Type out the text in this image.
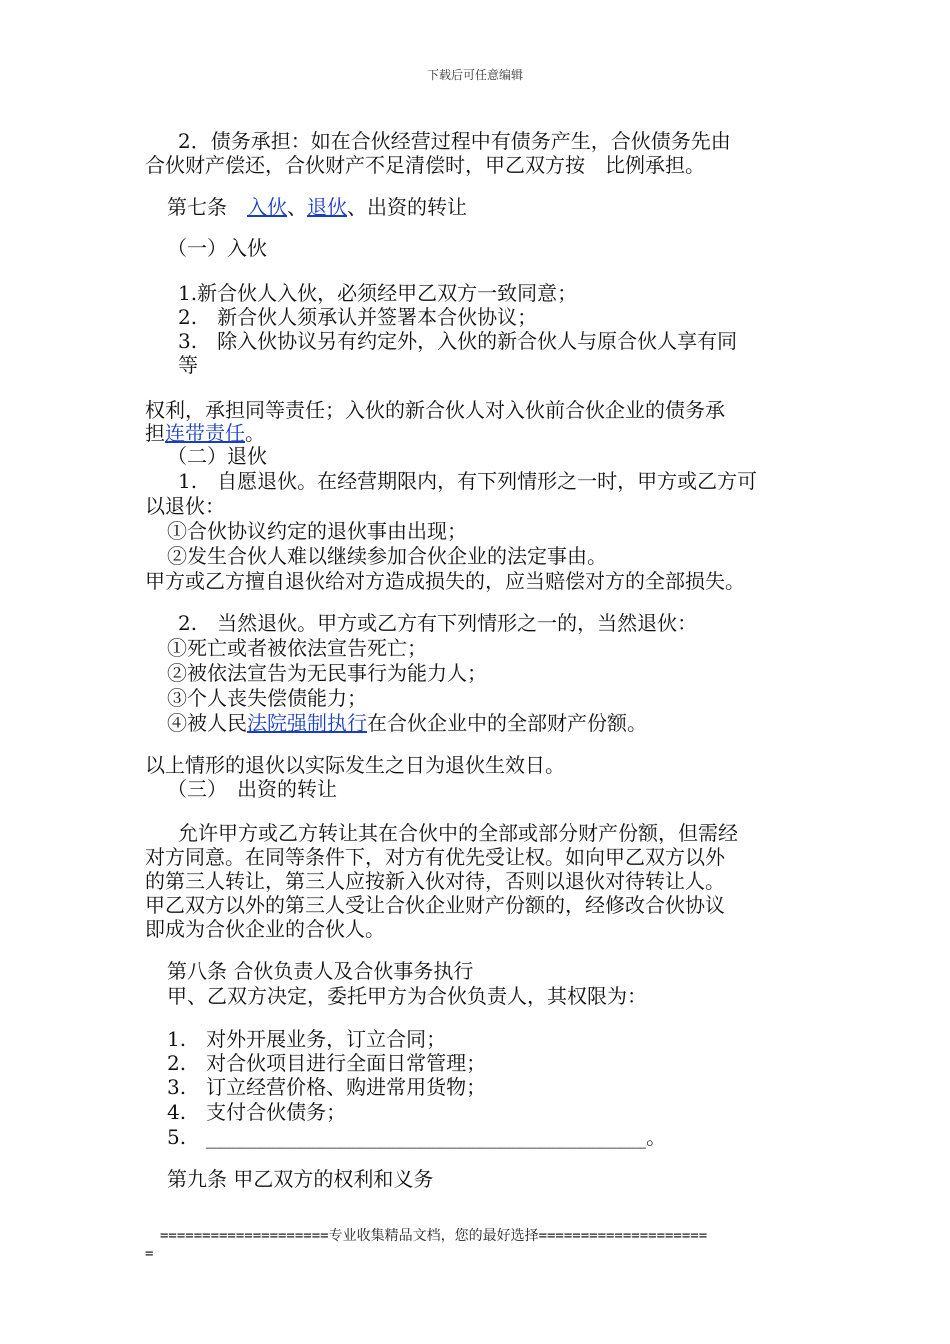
下载后可任意编辑
2．债务承担：如在合伙经营过程中有债务产生，合伙债务先由
合伙财产偿还，合伙财产不足清偿时，甲乙双方按　比例承担。
第七条　入伙、退伙、出资的转让
（一）入伙
1.新合伙人入伙，必须经甲乙双方一致同意；
2.　新合伙人须承认并签署本合伙协议；
3.　除入伙协议另有约定外，入伙的新合伙人与原合伙人享有同
等
权利，承担同等责任；入伙的新合伙人对入伙前合伙企业的债务承
担连带责任。
（二）退伙
1.　自愿退伙。在经营期限内，有下列情形之一时，甲方或乙方可
以退伙：
①合伙协议约定的退伙事由出现；
②发生合伙人难以继续参加合伙企业的法定事由。
甲方或乙方擅自退伙给对方造成损失的，应当赔偿对方的全部损失。
2.　当然退伙。甲方或乙方有下列情形之一的，当然退伙：
①死亡或者被依法宣告死亡；
②被依法宣告为无民事行为能力人；
③个人丧失偿债能力；
④被人民法院强制执行在合伙企业中的全部财产份额。
以上情形的退伙以实际发生之日为退伙生效日。
（三）　出资的转让
允许甲方或乙方转让其在合伙中的全部或部分财产份额，但需经
对方同意。在同等条件下，对方有优先受让权。如向甲乙双方以外
的第三人转让，第三人应按新入伙对待，否则以退伙对待转让人。
甲乙双方以外的第三人受让合伙企业财产份额的，经修改合伙协议
即成为合伙企业的合伙人。
第八条 合伙负责人及合伙事务执行
甲、乙双方决定，委托甲方为合伙负责人，其权限为：
1.　对外开展业务，订立合同；
2.　对合伙项目进行全面日常管理；
3.　订立经营价格、购进常用货物；
4.　支付合伙债务；
5.　____________________________________________。
第九条 甲乙双方的权利和义务
====================专业收集精品文档，您的最好选择====================
=
